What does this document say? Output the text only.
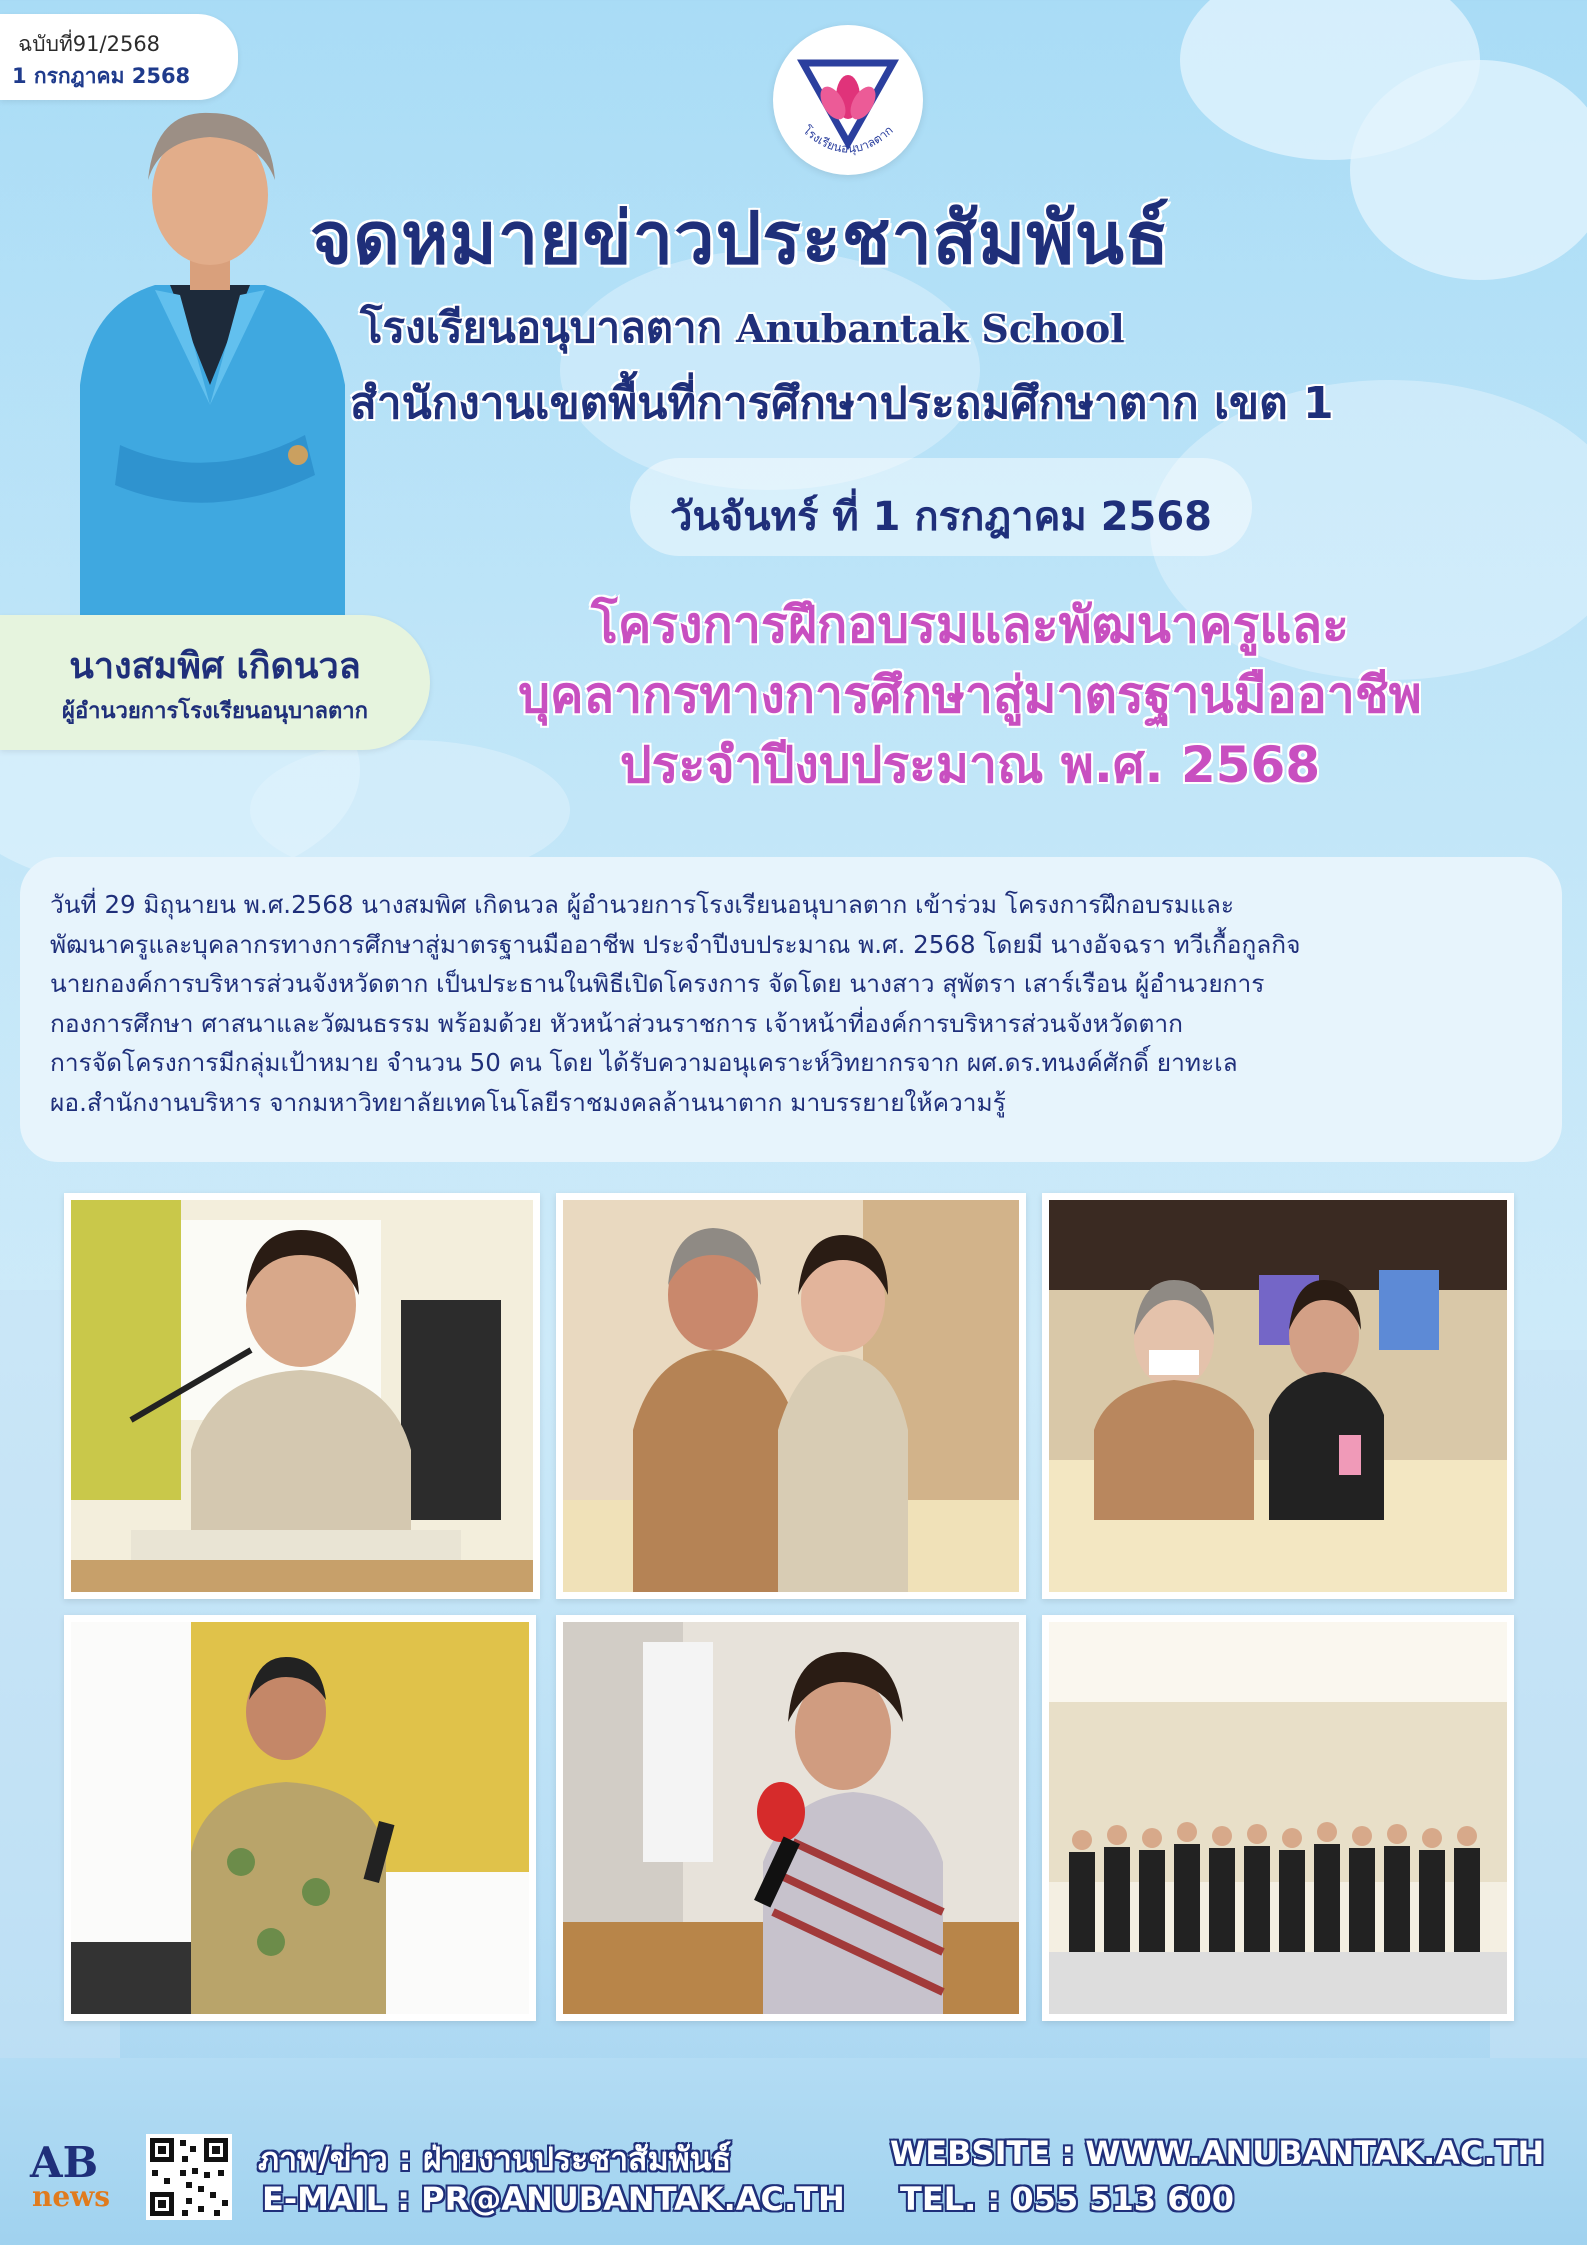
ฉบับที่91/2568
1 กรกฎาคม 2568
โรงเรียนอนุบาลตาก
จดหมายข่าวประชาสัมพันธ์
โรงเรียนอนุบาลตาก Anubantak School
สำนักงานเขตพื้นที่การศึกษาประถมศึกษาตาก เขต 1
วันจันทร์ ที่ 1 กรกฎาคม 2568
นางสมพิศ เกิดนวล
ผู้อำนวยการโรงเรียนอนุบาลตาก
โครงการฝึกอบรมและพัฒนาครูและ
บุคลากรทางการศึกษาสู่มาตรฐานมืออาชีพ
ประจำปีงบประมาณ พ.ศ. 2568

วันที่ 29 มิถุนายน พ.ศ.2568 นางสมพิศ เกิดนวล ผู้อำนวยการโรงเรียนอนุบาลตาก เข้าร่วม โครงการฝึกอบรมและ

พัฒนาครูและบุคลากรทางการศึกษาสู่มาตรฐานมืออาชีพ ประจำปีงบประมาณ พ.ศ. 2568 โดยมี นางอัจฉรา ทวีเกื้อกูลกิจ

นายกองค์การบริหารส่วนจังหวัดตาก เป็นประธานในพิธีเปิดโครงการ จัดโดย นางสาว สุพัตรา เสาร์เรือน ผู้อำนวยการ

กองการศึกษา ศาสนาและวัฒนธรรม พร้อมด้วย หัวหน้าส่วนราชการ เจ้าหน้าที่องค์การบริหารส่วนจังหวัดตาก

การจัดโครงการมีกลุ่มเป้าหมาย จำนวน 50 คน โดย ได้รับความอนุเคราะห์วิทยากรจาก ผศ.ดร.ทนงค์ศักดิ์ ยาทะเล

ผอ.สำนักงานบริหาร จากมหาวิทยาลัยเทคโนโลยีราชมงคลล้านนาตาก มาบรรยายให้ความรู้

AB
news
ภาพ/ข่าว : ฝ่ายงานประชาสัมพันธ์
E-MAIL : PR@ANUBANTAK.AC.TH
WEBSITE : WWW.ANUBANTAK.AC.TH
TEL. : 055 513 600
